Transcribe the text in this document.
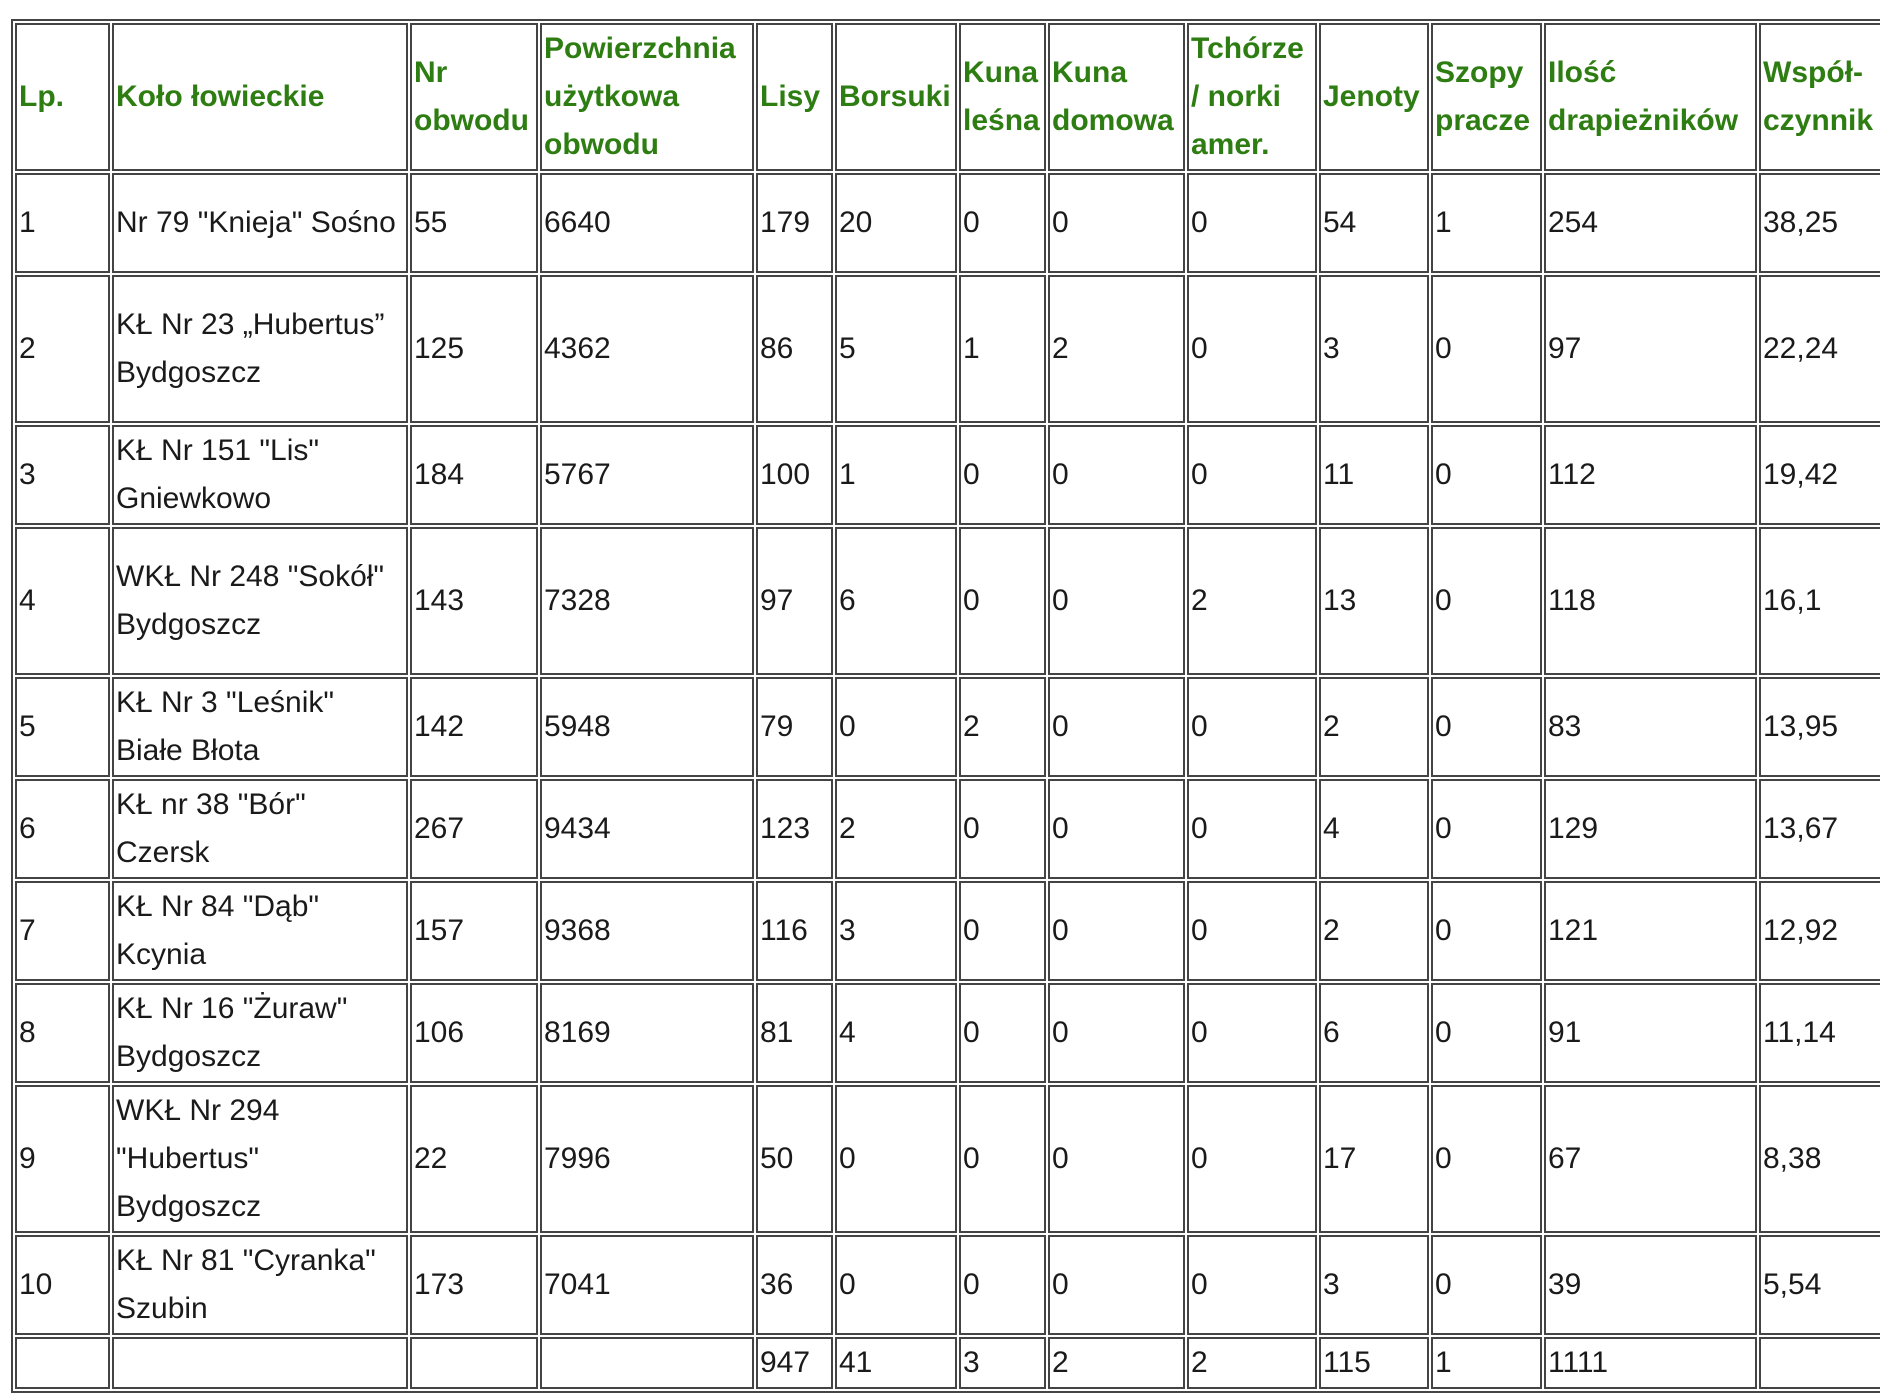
Lp.	Koło łowieckie	Nr obwodu	Powierzchnia użytkowa obwodu	Lisy	Borsuki	Kuna leśna	Kuna domowa	Tchórze / norki amer.	Jenoty	Szopy pracze	Ilość drapieżników	Współ-czynnik
1	Nr 79 "Knieja" Sośno	55	6640	179	20	0	0	0	54	1	254	38,25
2	KŁ Nr 23 „Hubertus” Bydgoszcz	125	4362	86	5	1	2	0	3	0	97	22,24
3	KŁ Nr 151 "Lis" Gniewkowo	184	5767	100	1	0	0	0	11	0	112	19,42
4	WKŁ Nr 248 "Sokół" Bydgoszcz	143	7328	97	6	0	0	2	13	0	118	16,1
5	KŁ Nr 3 "Leśnik" Białe Błota	142	5948	79	0	2	0	0	2	0	83	13,95
6	KŁ nr 38 "Bór" Czersk	267	9434	123	2	0	0	0	4	0	129	13,67
7	KŁ Nr 84 "Dąb" Kcynia	157	9368	116	3	0	0	0	2	0	121	12,92
8	KŁ Nr 16 "Żuraw" Bydgoszcz	106	8169	81	4	0	0	0	6	0	91	11,14
9	WKŁ Nr 294 "Hubertus" Bydgoszcz	22	7996	50	0	0	0	0	17	0	67	8,38
10	KŁ Nr 81 "Cyranka" Szubin	173	7041	36	0	0	0	0	3	0	39	5,54
				947	41	3	2	2	115	1	1111	
